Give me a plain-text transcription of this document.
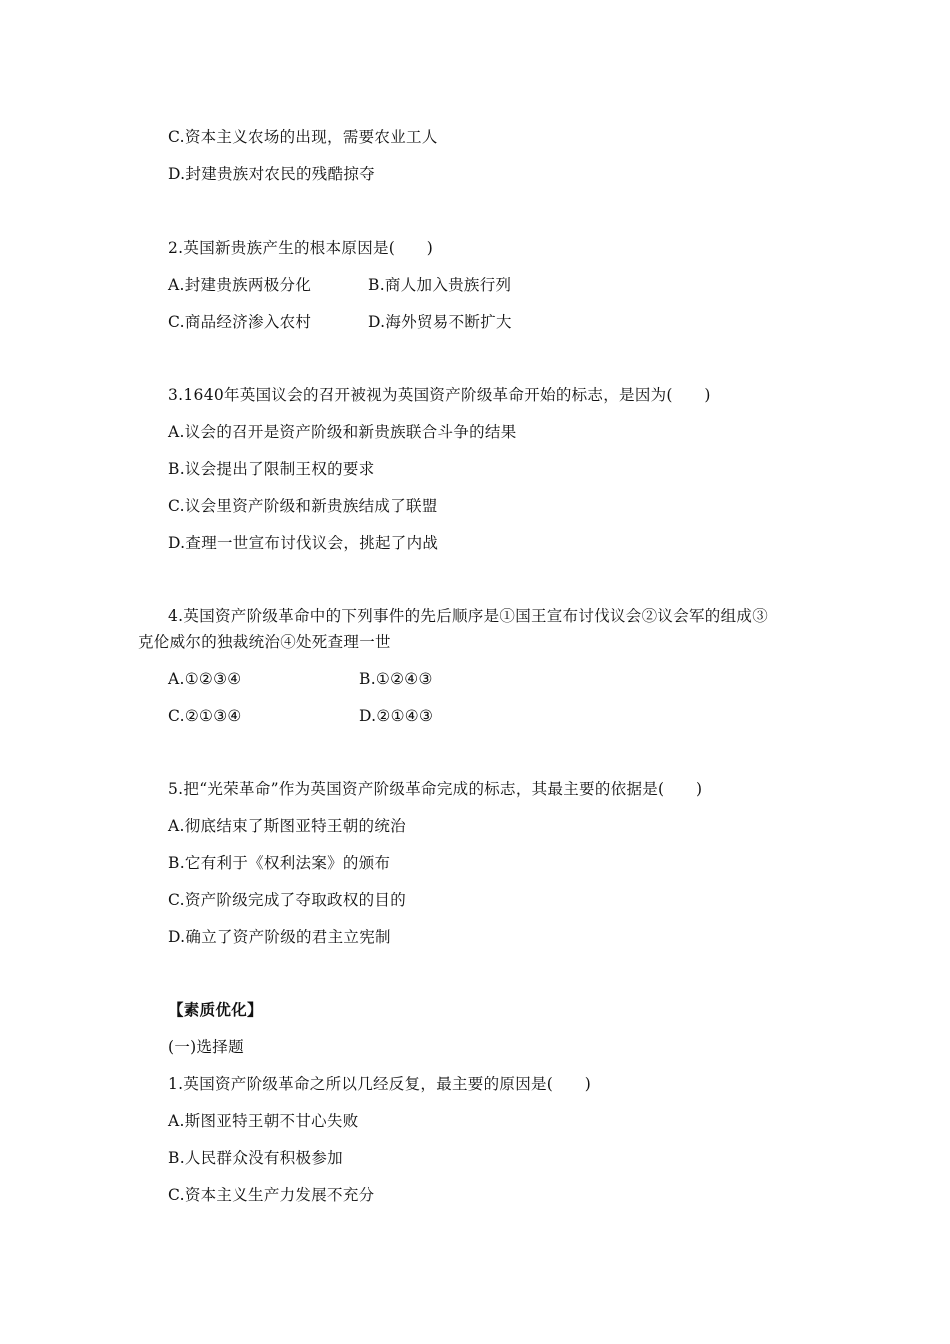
C.资本主义农场的出现，需要农业工人
D.封建贵族对农民的残酷掠夺
2.英国新贵族产生的根本原因是(　　)
A.封建贵族两极分化	B.商人加入贵族行列
C.商品经济渗入农村	D.海外贸易不断扩大
3.1640年英国议会的召开被视为英国资产阶级革命开始的标志，是因为(　　)
A.议会的召开是资产阶级和新贵族联合斗争的结果
B.议会提出了限制王权的要求
C.议会里资产阶级和新贵族结成了联盟
D.查理一世宣布讨伐议会，挑起了内战
4.英国资产阶级革命中的下列事件的先后顺序是①国王宣布讨伐议会②议会军的组成③
克伦威尔的独裁统治④处死查理一世
A.①②③④	B.①②④③
C.②①③④	D.②①④③
5.把“光荣革命”作为英国资产阶级革命完成的标志，其最主要的依据是(　　)
A.彻底结束了斯图亚特王朝的统治
B.它有利于《权利法案》的颁布
C.资产阶级完成了夺取政权的目的
D.确立了资产阶级的君主立宪制
【素质优化】
(一)选择题
1.英国资产阶级革命之所以几经反复，最主要的原因是(　　)
A.斯图亚特王朝不甘心失败
B.人民群众没有积极参加
C.资本主义生产力发展不充分
